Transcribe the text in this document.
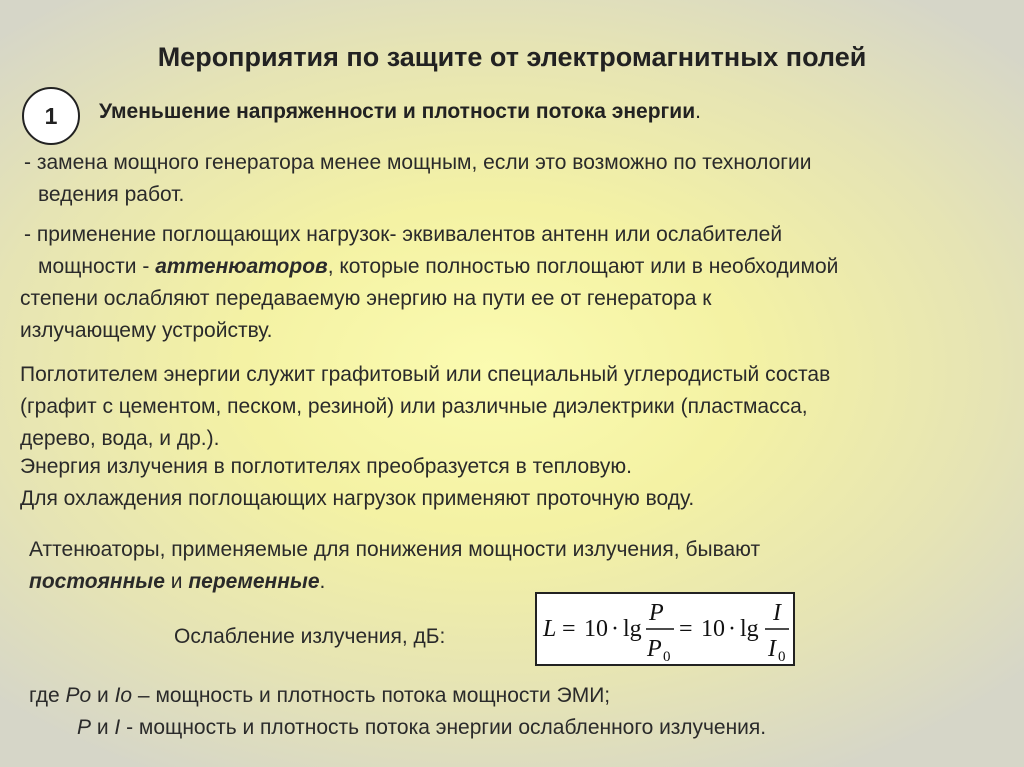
Мероприятия по защите от электромагнитных полей
1 Уменьшение напряженности и плотности потока энергии.
- замена мощного генератора менее мощным, если это возможно по технологии
ведения работ.
- применение поглощающих нагрузок- эквивалентов антенн или ослабителей
мощности - аттенюаторов, которые полностью поглощают или в необходимой
степени ослабляют передаваемую энергию на пути ее от генератора к
излучающему устройству.
Поглотителем энергии служит графитовый или специальный углеродистый состав
(графит с цементом, песком, резиной) или различные диэлектрики (пластмасса,
дерево, вода, и др.).
Энергия излучения в поглотителях преобразуется в тепловую.
Для охлаждения поглощающих нагрузок применяют проточную воду.
Аттенюаторы, применяемые для понижения мощности излучения, бывают
постоянные и переменные.
Ослабление излучения, дБ:	L = 10 · lg
P
P 0
= 10 · lg
I
I 0
где Po и Io – мощность и плотность потока мощности ЭМИ;
P и I - мощность и плотность потока энергии ослабленного излучения.
